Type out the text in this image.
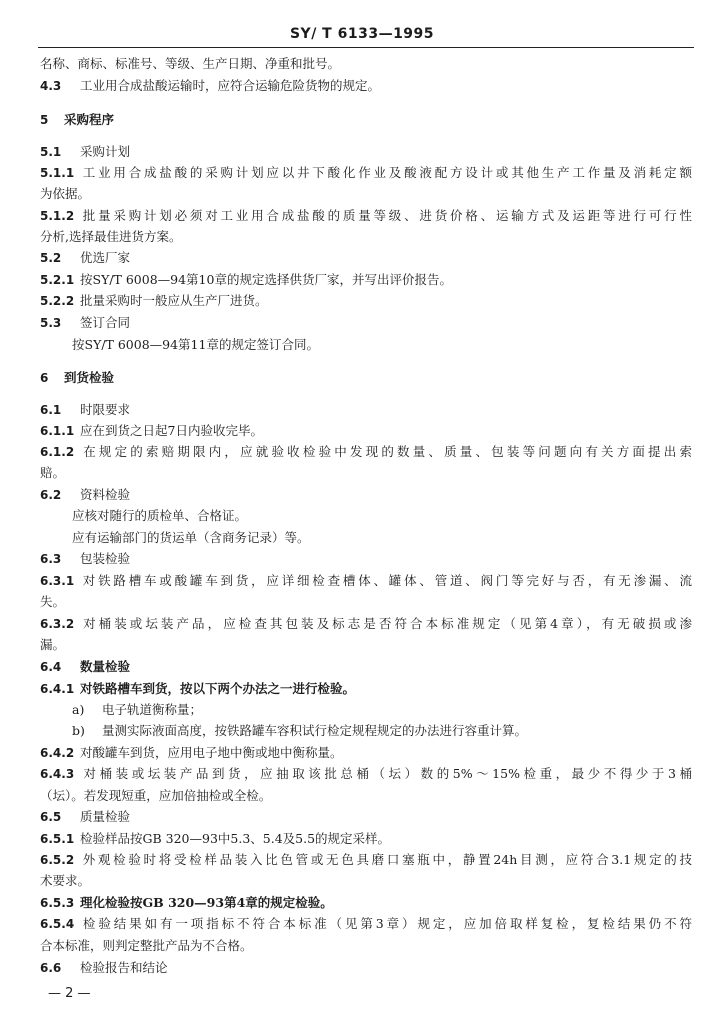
SY/ T 6133—1995
名称、商标、标准号、等级、生产日期、净重和批号。
4.3 工业用合成盐酸运输时，应符合运输危险货物的规定。
5 采购程序
5.1 采购计划
5.1.1 工业用合成盐酸的采购计划应以井下酸化作业及酸液配方设计或其他生产工作量及消耗定额
为依据。
5.1.2 批量采购计划必须对工业用合成盐酸的质量等级、进货价格、运输方式及运距等进行可行性
分析,选择最佳进货方案。
5.2 优选厂家
5.2.1 按SY/T 6008—94第10章的规定选择供货厂家，并写出评价报告。
5.2.2 批量采购时一般应从生产厂进货。
5.3 签订合同
按SY/T 6008—94第11章的规定签订合同。
6 到货检验
6.1 时限要求
6.1.1 应在到货之日起7日内验收完毕。
6.1.2 在规定的索赔期限内，应就验收检验中发现的数量、质量、包装等问题向有关方面提出索
赔。
6.2 资料检验
应核对随行的质检单、合格证。
应有运输部门的货运单（含商务记录）等。
6.3 包装检验
6.3.1 对铁路槽车或酸罐车到货，应详细检查槽体、罐体、管道、阀门等完好与否，有无渗漏、流
失。
6.3.2 对桶装或坛装产品，应检查其包装及标志是否符合本标准规定（见第4章），有无破损或渗
漏。
6.4 数量检验
6.4.1 对铁路槽车到货，按以下两个办法之一进行检验。
a) 电子轨道衡称量；
b) 量测实际液面高度，按铁路罐车容积试行检定规程规定的办法进行容重计算。
6.4.2 对酸罐车到货，应用电子地中衡或地中衡称量。
6.4.3 对桶装或坛装产品到货，应抽取该批总桶（坛）数的5%～15%检重，最少不得少于3桶
（坛）。若发现短重，应加倍抽检或全检。
6.5 质量检验
6.5.1 检验样品按GB 320—93中5.3、5.4及5.5的规定采样。
6.5.2 外观检验时将受检样品装入比色管或无色具磨口塞瓶中，静置24h目测，应符合3.1规定的技
术要求。
6.5.3 理化检验按GB 320—93第4章的规定检验。
6.5.4 检验结果如有一项指标不符合本标准（见第3章）规定，应加倍取样复检，复检结果仍不符
合本标准，则判定整批产品为不合格。
6.6 检验报告和结论
— 2 —
